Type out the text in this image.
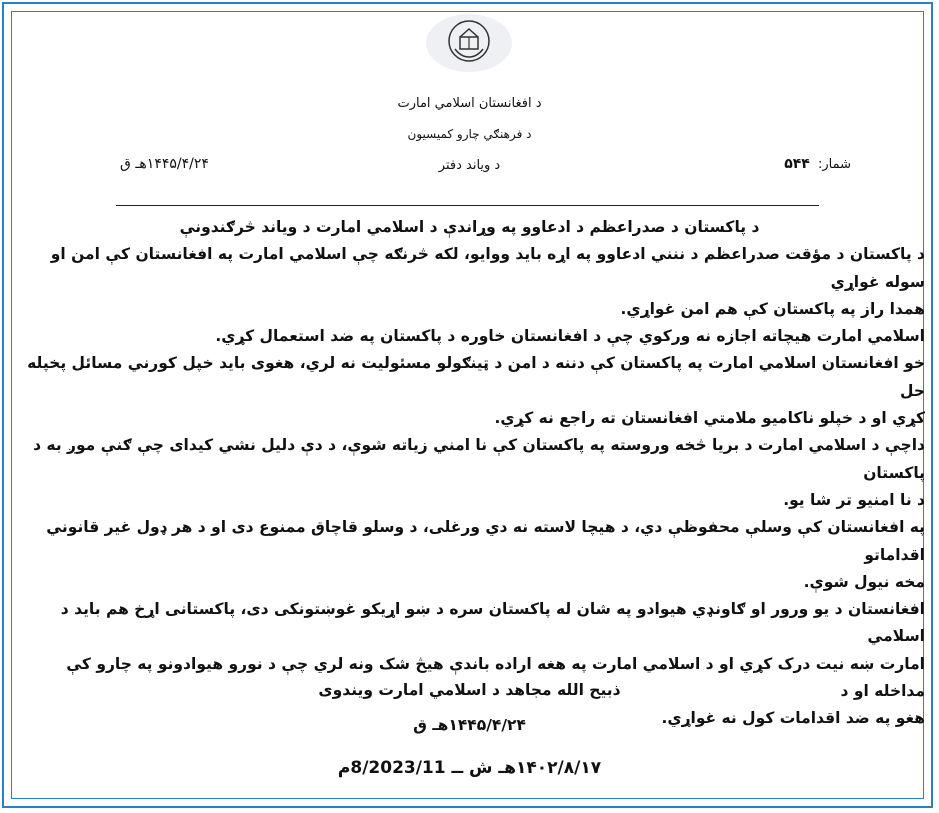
د افغانستان اسلامي امارت
د فرهنګي چارو کمیسیون
د ویاند دفتر
۱۴۴۵/۴/۲۴هـ ق	شمار: ۵۴۴

د پاکستان د صدراعظم د ادعاوو په وړاندې د اسلامي امارت د ویاند څرګندونې

د پاکستان د مؤقت صدراعظم د ننني ادعاوو په اړه باید ووایو، لکه څرنګه چې اسلامي امارت په افغانستان کې امن او سوله غواړي

همدا راز په پاکستان کې هم امن غواړي.

اسلامي امارت هیچاته اجازه نه ورکوي چې د افغانستان خاوره د پاکستان په ضد استعمال کړي.

خو افغانستان اسلامي امارت په پاکستان کې دننه د امن د ټینګولو مسئولیت نه لري، هغوی باید خپل کورني مسائل پخپله حل

کړي او د خپلو ناکامیو ملامتي افغانستان ته راجع نه کړي.

داچې د اسلامي امارت د بریا څخه وروسته په پاکستان کې نا امني زیاته شوې، د دې دلیل نشي کیدای چې ګنې موږ به د پاکستان

د نا امنیو تر شا یو.

په افغانستان کې وسلې محفوظې دي، د هیچا لاسته نه دي ورغلی، د وسلو قاچاق ممنوع دی او د هر ډول غیر قانوني اقداماتو

مخه نیول شوې.

افغانستان د یو ورور او ګاونډي هیوادو په شان له پاکستان سره د ښو اړیکو غوښتونکی دی، پاکستانی اړخ هم باید د اسلامي

امارت ښه نیت درک کړي او د اسلامي امارت په هغه اراده باندې هیڅ شک ونه لري چې د نورو هیوادونو په چارو کې مداخله او د

هغو په ضد اقدامات کول نه غواړي.

ذبیح الله مجاهد د اسلامي امارت ویندوی
۱۴۴۵/۴/۲۴هـ ق
۱۴۰۲/۸/۱۷هـ ش ــ 8/2023/11م
